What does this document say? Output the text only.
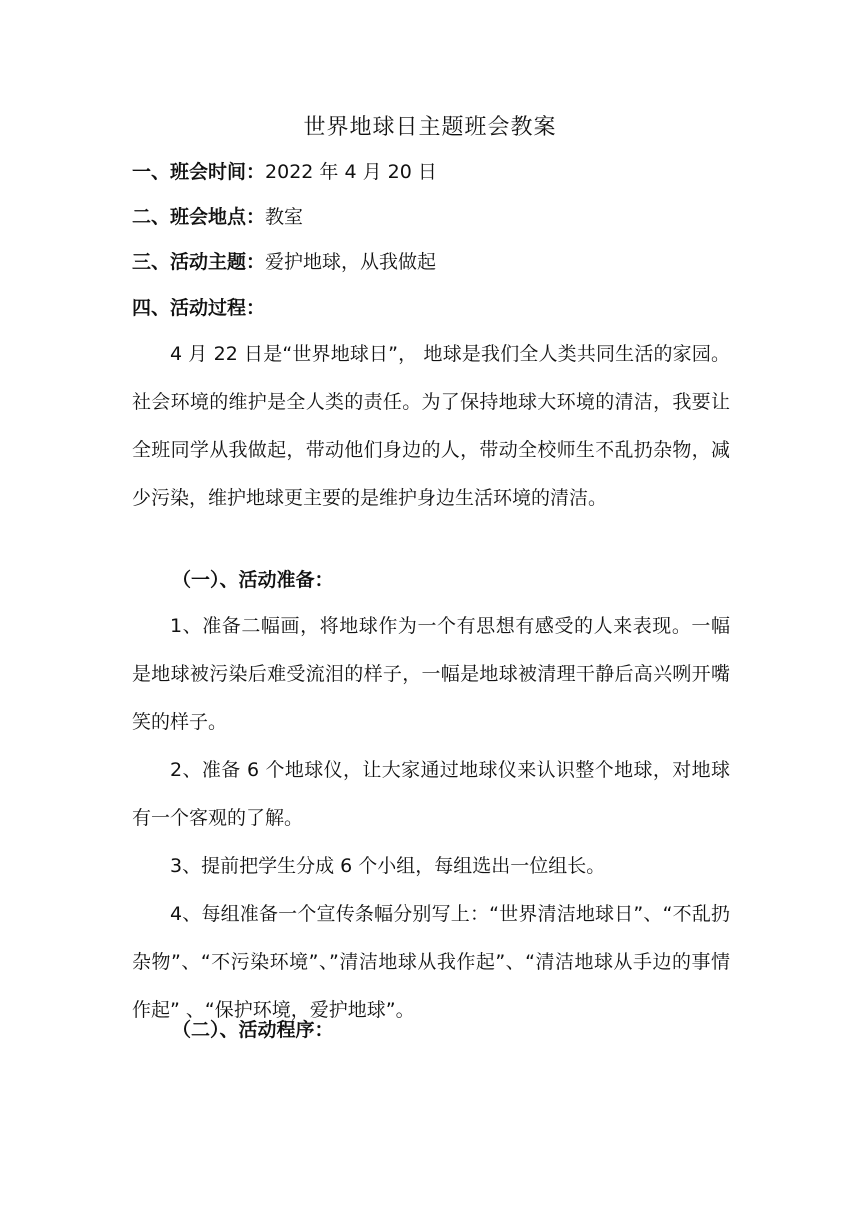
世界地球日主题班会教案
一、班会时间：2022 年 4 月 20 日
二、班会地点：教室
三、活动主题：爱护地球，从我做起
四、活动过程：
4 月 22 日是“世界地球日”， 地球是我们全人类共同生活的家园。社会环境的维护是全人类的责任。为了保持地球大环境的清洁，我要让全班同学从我做起，带动他们身边的人，带动全校师生不乱扔杂物，减少污染，维护地球更主要的是维护身边生活环境的清洁。
（一）、活动准备：
1、准备二幅画，将地球作为一个有思想有感受的人来表现。一幅是地球被污染后难受流泪的样子，一幅是地球被清理干静后高兴咧开嘴笑的样子。
2、准备 6 个地球仪，让大家通过地球仪来认识整个地球，对地球有一个客观的了解。
3、提前把学生分成 6 个小组，每组选出一位组长。
4、每组准备一个宣传条幅分别写上：“世界清洁地球日”、“不乱扔杂物”、“不污染环境”、”清洁地球从我作起”、“清洁地球从手边的事情作起” 、“保护环境，爱护地球”。
（二）、活动程序：
